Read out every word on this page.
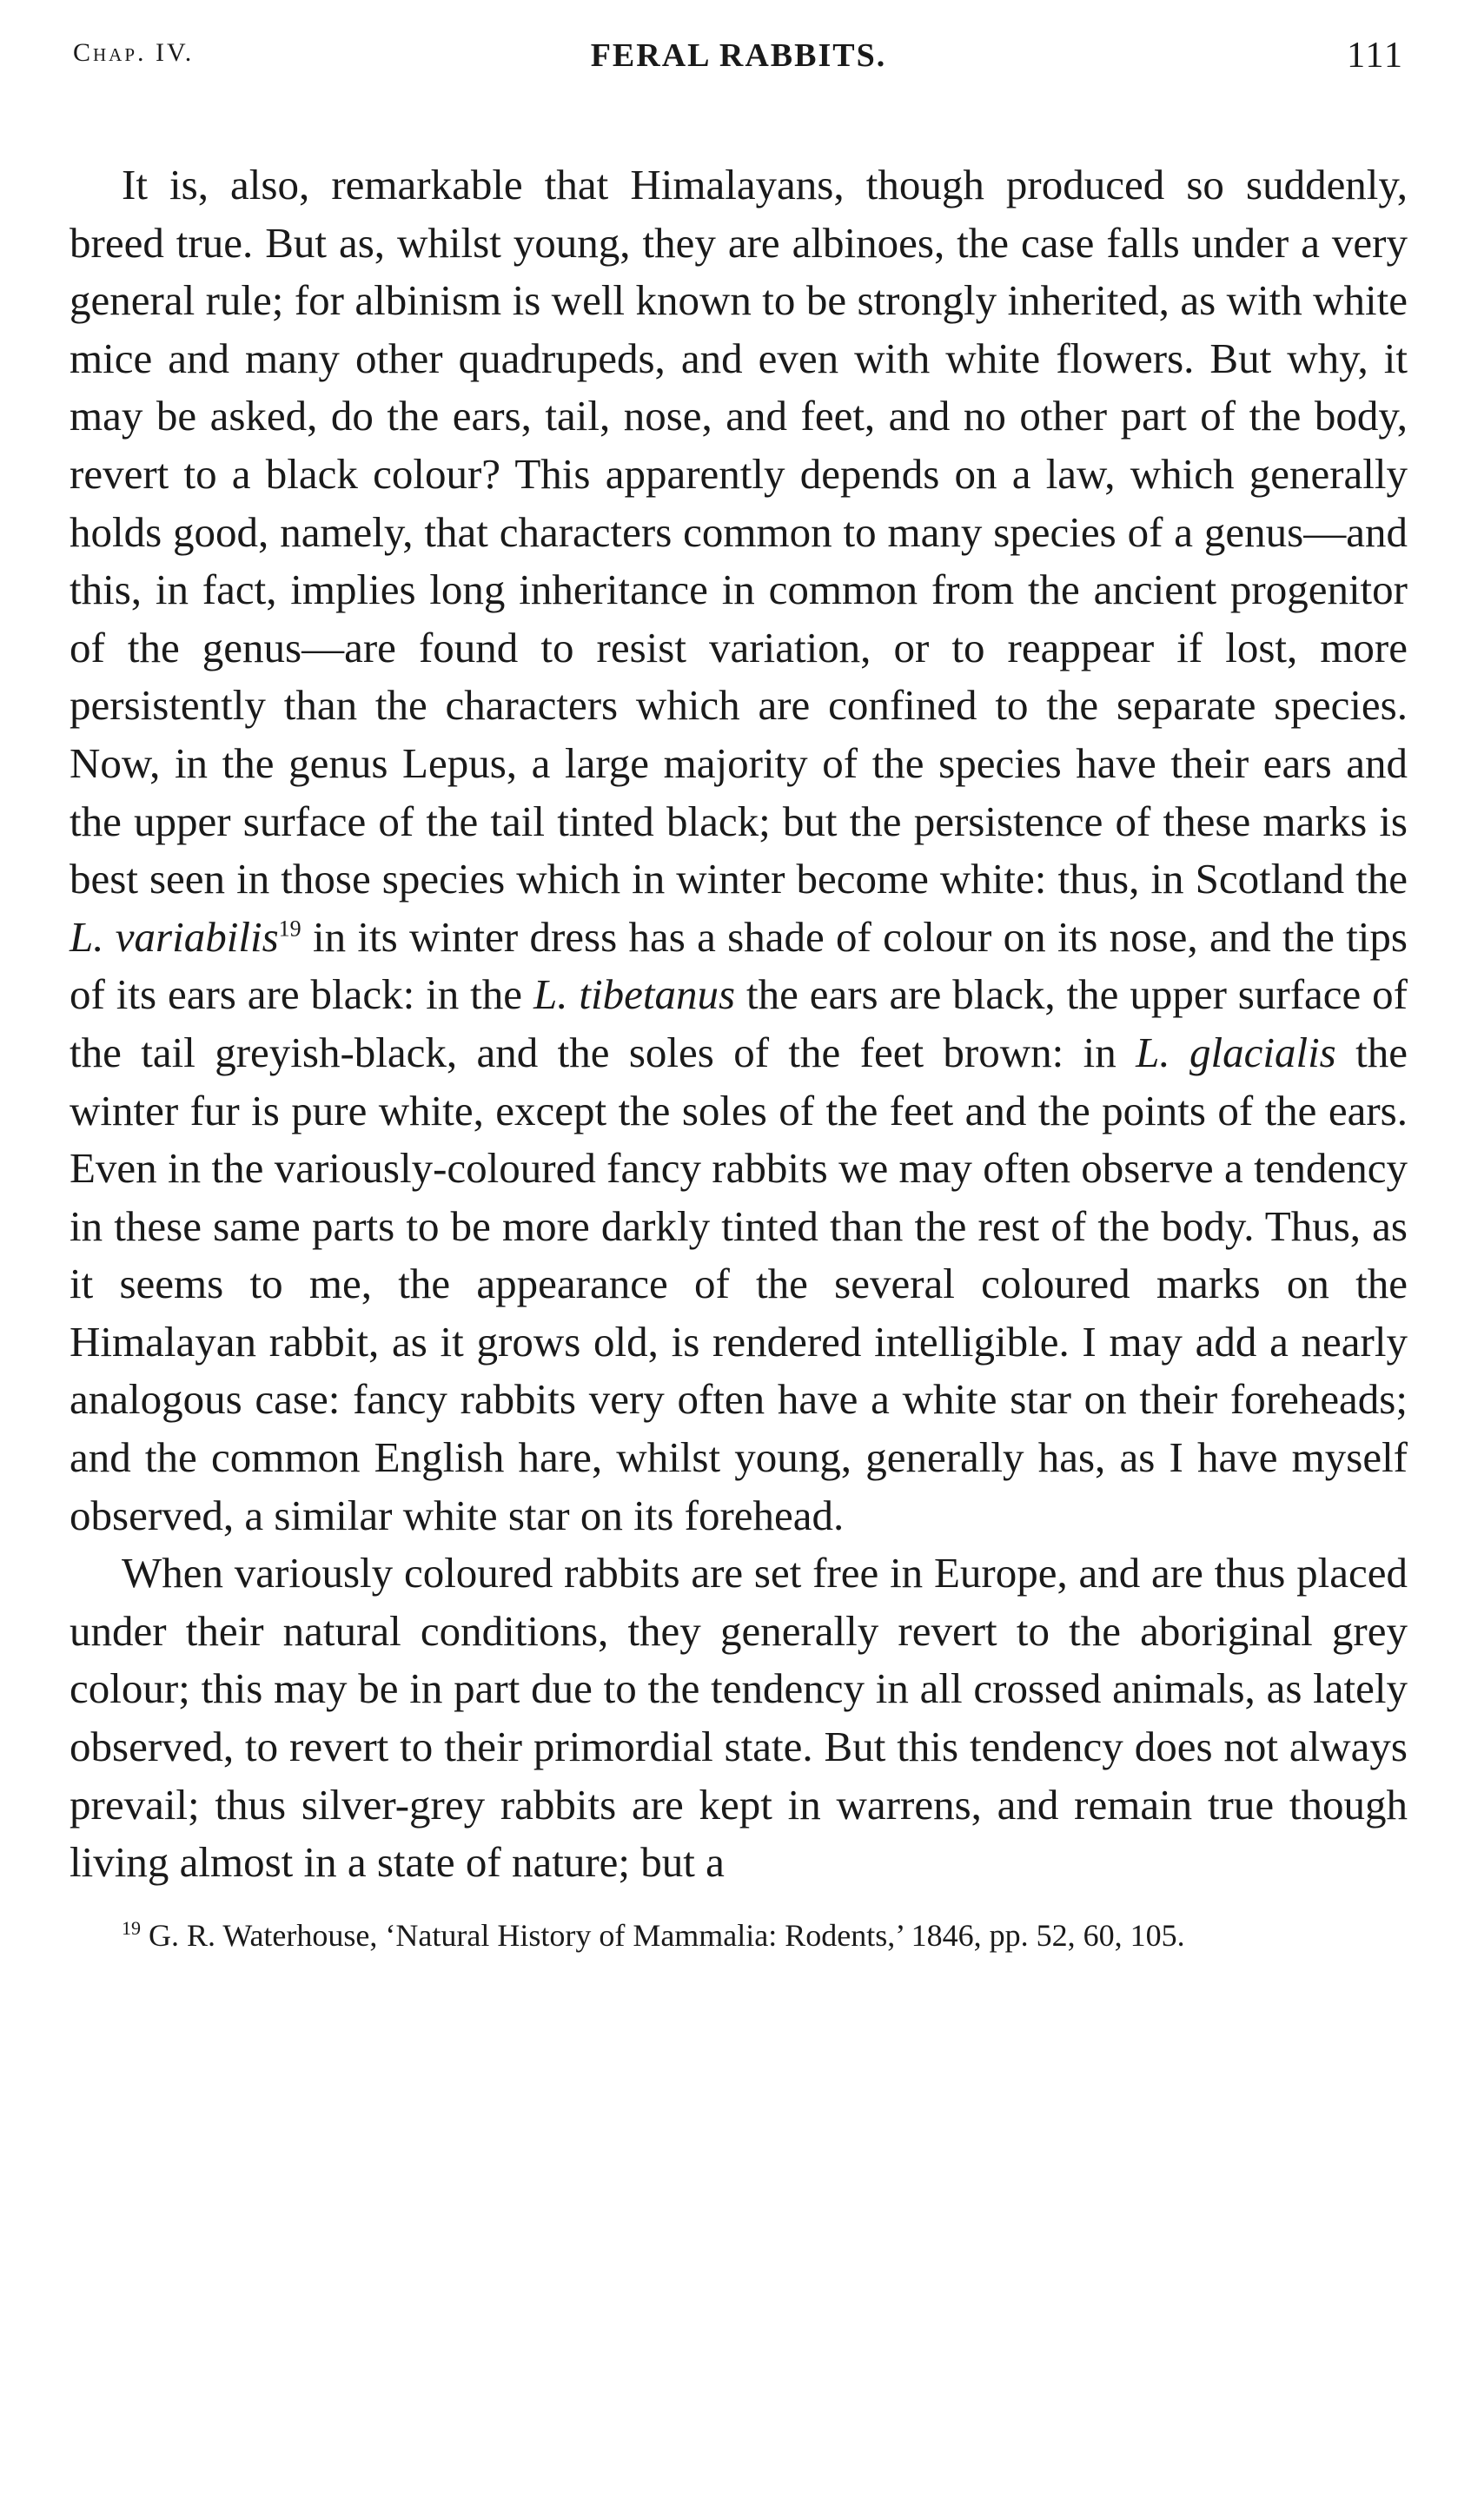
Chap. IV.	FERAL RABBITS.	111

It is, also, remarkable that Himalayans, though produced so suddenly, breed true. But as, whilst young, they are albinoes, the case falls under a very general rule; for albinism is well known to be strongly inherited, as with white mice and many other quadrupeds, and even with white flowers. But why, it may be asked, do the ears, tail, nose, and feet, and no other part of the body, revert to a black colour? This apparently depends on a law, which generally holds good, namely, that characters common to many species of a genus—and this, in fact, implies long inheritance in common from the ancient progenitor of the genus—are found to resist variation, or to reappear if lost, more persistently than the characters which are confined to the separate species. Now, in the genus Lepus, a large majority of the species have their ears and the upper surface of the tail tinted black; but the persistence of these marks is best seen in those species which in winter become white: thus, in Scotland the L. variabilis$^{19}$ in its winter dress has a shade of colour on its nose, and the tips of its ears are black: in the L. tibetanus the ears are black, the upper surface of the tail greyish-black, and the soles of the feet brown: in L. glacialis the winter fur is pure white, except the soles of the feet and the points of the ears. Even in the variously-coloured fancy rabbits we may often observe a tendency in these same parts to be more darkly tinted than the rest of the body. Thus, as it seems to me, the appearance of the several coloured marks on the Himalayan rabbit, as it grows old, is rendered intelligible. I may add a nearly analogous case: fancy rabbits very often have a white star on their foreheads; and the common English hare, whilst young, generally has, as I have myself observed, a similar white star on its forehead.

When variously coloured rabbits are set free in Europe, and are thus placed under their natural conditions, they generally revert to the aboriginal grey colour; this may be in part due to the tendency in all crossed animals, as lately observed, to revert to their primordial state. But this tendency does not always prevail; thus silver-grey rabbits are kept in warrens, and remain true though living almost in a state of nature; but a

$^{19}$ G. R. Waterhouse, ‘Natural History of Mammalia: Rodents,’ 1846, pp. 52, 60, 105.
